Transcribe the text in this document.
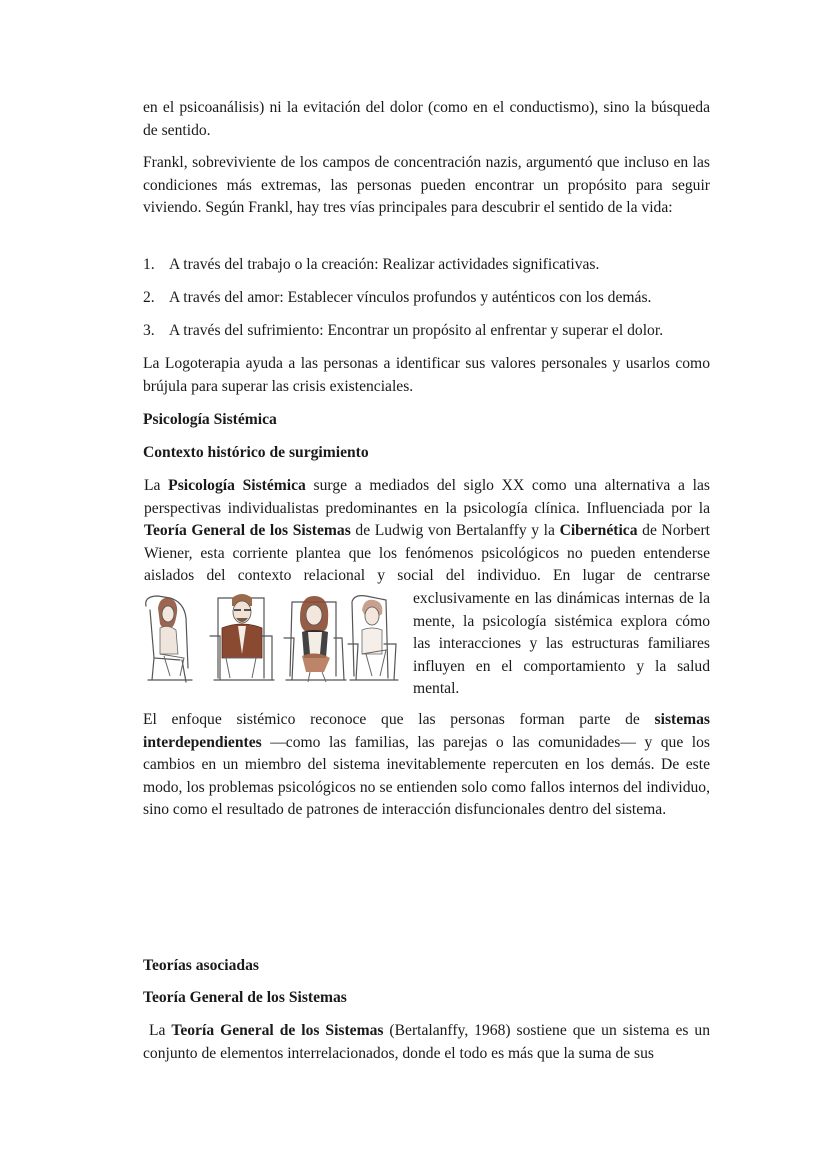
en el psicoanálisis) ni la evitación del dolor (como en el conductismo), sino la búsqueda de sentido.

Frankl, sobreviviente de los campos de concentración nazis, argumentó que incluso en las condiciones más extremas, las personas pueden encontrar un propósito para seguir viviendo. Según Frankl, hay tres vías principales para descubrir el sentido de la vida:

1. A través del trabajo o la creación: Realizar actividades significativas.

2. A través del amor: Establecer vínculos profundos y auténticos con los demás.

3. A través del sufrimiento: Encontrar un propósito al enfrentar y superar el dolor.

La Logoterapia ayuda a las personas a identificar sus valores personales y usarlos como brújula para superar las crisis existenciales.

Psicología Sistémica

Contexto histórico de surgimiento

La Psicología Sistémica surge a mediados del siglo XX como una alternativa a las perspectivas individualistas predominantes en la psicología clínica. Influenciada por la Teoría General de los Sistemas de Ludwig von Bertalanffy y la Cibernética de Norbert Wiener, esta corriente plantea que los fenómenos psicológicos no pueden entenderse aislados del contexto relacional y social del individuo. En lugar de centrarse exclusivamente en las dinámicas internas de la mente, la psicología sistémica explora cómo las interacciones y las estructuras familiares influyen en el comportamiento y la salud mental.
El enfoque sistémico reconoce que las personas forman parte de sistemas interdependientes —como las familias, las parejas o las comunidades— y que los cambios en un miembro del sistema inevitablemente repercuten en los demás. De este modo, los problemas psicológicos no se entienden solo como fallos internos del individuo, sino como el resultado de patrones de interacción disfuncionales dentro del sistema.

Teorías asociadas

Teoría General de los Sistemas

La Teoría General de los Sistemas (Bertalanffy, 1968) sostiene que un sistema es un conjunto de elementos interrelacionados, donde el todo es más que la suma de sus
